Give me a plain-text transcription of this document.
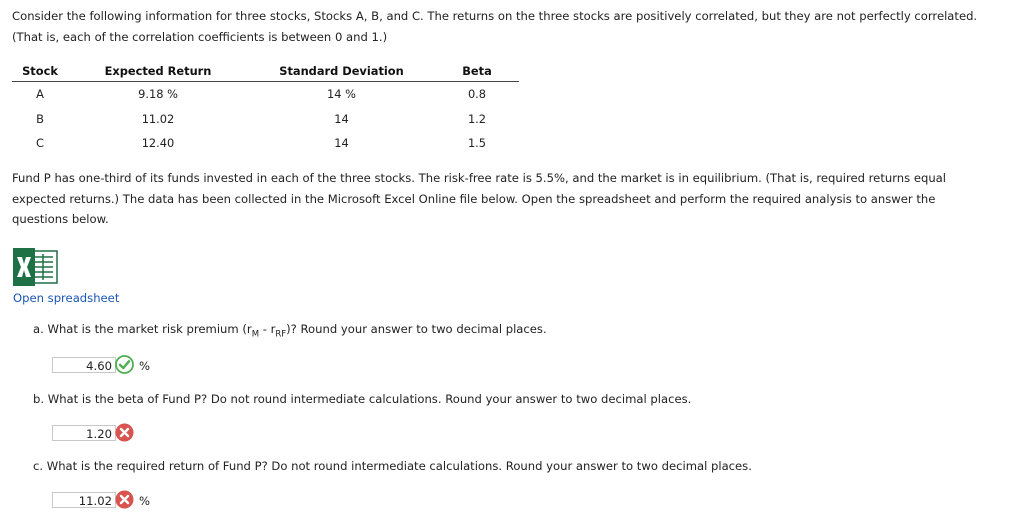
Consider the following information for three stocks, Stocks A, B, and C. The returns on the three stocks are positively correlated, but they are not perfectly correlated.
(That is, each of the correlation coefficients is between 0 and 1.)
Stock	Expected Return	Standard Deviation	Beta
A	9.18 %	14 %	0.8
B	11.02	14	1.2
C	12.40	14	1.5
Fund P has one-third of its funds invested in each of the three stocks. The risk-free rate is 5.5%, and the market is in equilibrium. (That is, required returns equal
expected returns.) The data has been collected in the Microsoft Excel Online file below. Open the spreadsheet and perform the required analysis to answer the
questions below.
Open spreadsheet
a. What is the market risk premium $(r_M - r_{RF})$? Round your answer to two decimal places.
4.60	%
b. What is the beta of Fund P? Do not round intermediate calculations. Round your answer to two decimal places.
1.20
c. What is the required return of Fund P? Do not round intermediate calculations. Round your answer to two decimal places.
11.02	%
